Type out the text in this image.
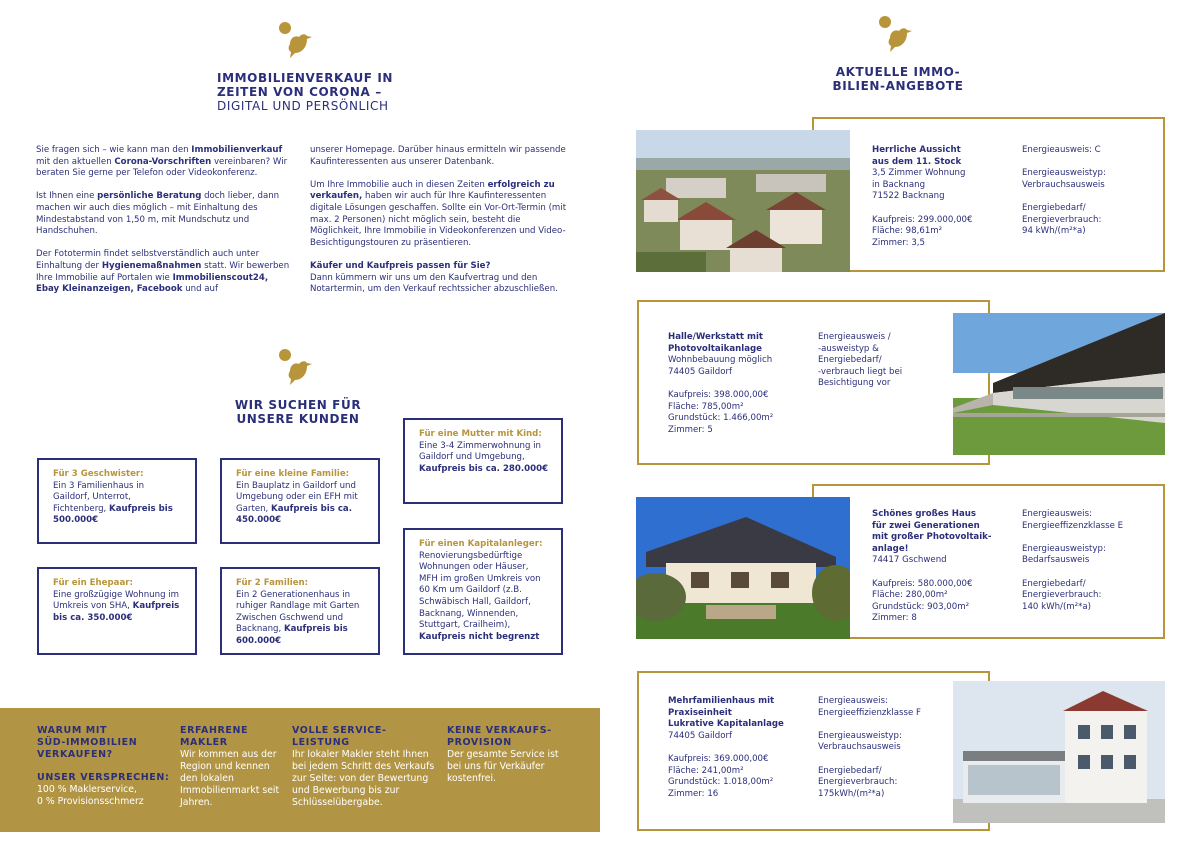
IMMOBILIENVERKAUF IN
ZEITEN VON CORONA –
DIGITAL UND PERSÖNLICH

Sie fragen sich – wie kann man den Immobilienverkauf mit den aktuellen Corona-Vorschriften vereinbaren? Wir beraten Sie gerne per Telefon oder Videokonferenz.

Ist Ihnen eine persönliche Beratung doch lieber, dann machen wir auch dies möglich – mit Einhaltung des Mindestabstand von 1,50 m, mit Mundschutz und Handschuhen.

Der Fototermin findet selbstverständlich auch unter Einhaltung der Hygienemaßnahmen statt. Wir bewerben Ihre Immobilie auf Portalen wie Immobilienscout24, Ebay Kleinanzeigen, Facebook und auf

unserer Homepage. Darüber hinaus ermitteln wir passende Kaufinteressenten aus unserer Datenbank.

Um Ihre Immobilie auch in diesen Zeiten erfolgreich zu verkaufen, haben wir auch für Ihre Kaufinteressenten digitale Lösungen geschaffen. Sollte ein Vor-Ort-Termin (mit max. 2 Personen) nicht möglich sein, besteht die Möglichkeit, Ihre Immobilie in Videokonferenzen und Video-Besichtigungstouren zu präsentieren.

Käufer und Kaufpreis passen für Sie?
Dann kümmern wir uns um den Kaufvertrag und den Notartermin, um den Verkauf rechtssicher abzuschließen.

WIR SUCHEN FÜR
UNSERE KUNDEN
Für 3 Geschwister:
Ein 3 Familienhaus in Gaildorf, Unterrot, Fichtenberg, Kaufpreis bis 500.000€
Für eine kleine Familie:
Ein Bauplatz in Gaildorf und Umgebung oder ein EFH mit Garten, Kaufpreis bis ca. 450.000€
Für eine Mutter mit Kind:
Eine 3-4 Zimmerwohnung in Gaildorf und Umgebung, Kaufpreis bis ca. 280.000€
Für ein Ehepaar:
Eine großzügige Wohnung im Umkreis von SHA, Kaufpreis bis ca. 350.000€
Für 2 Familien:
Ein 2 Generationenhaus in ruhiger Randlage mit Garten Zwischen Gschwend und Backnang, Kaufpreis bis 600.000€
Für einen Kapitalanleger:
Renovierungsbedürftige Wohnungen oder Häuser, MFH im großen Umkreis von 60 Km um Gaildorf (z.B. Schwäbisch Hall, Gaildorf, Backnang, Winnenden, Stuttgart, Crailheim), Kaufpreis nicht begrenzt
WARUM MIT
SÜD-IMMOBILIEN
VERKAUFEN?
UNSER VERSPRECHEN:
100 % Maklerservice,
0 % Provisionsschmerz
ERFAHRENE
MAKLER
Wir kommen aus der Region und kennen den lokalen Immobilienmarkt seit Jahren.
VOLLE SERVICE-
LEISTUNG
Ihr lokaler Makler steht Ihnen bei jedem Schritt des Verkaufs zur Seite: von der Bewertung und Bewerbung bis zur Schlüsselübergabe.
KEINE VERKAUFS-
PROVISION
Der gesamte Service ist bei uns für Verkäufer kostenfrei.
AKTUELLE IMMO-
BILIEN-ANGEBOTE
Herrliche Aussicht
aus dem 11. Stock
3,5 Zimmer Wohnung
in Backnang
71522 Backnang
Kaufpreis: 299.000,00€
Fläche: 98,61m²
Zimmer: 3,5
Energieausweis: C
Energieausweistyp:
Verbrauchsausweis
Energiebedarf/
Energieverbrauch:
94 kWh/(m²*a)
Halle/Werkstatt mit
Photovoltaikanlage
Wohnbebauung möglich
74405 Gaildorf
Kaufpreis: 398.000,00€
Fläche: 785,00m²
Grundstück: 1.466,00m²
Zimmer: 5
Energieausweis /
-ausweistyp &
Energiebedarf/
-verbrauch liegt bei
Besichtigung vor
Schönes großes Haus
für zwei Generationen
mit großer Photovoltaik-
anlage!
74417 Gschwend
Kaufpreis: 580.000,00€
Fläche: 280,00m²
Grundstück: 903,00m²
Zimmer: 8
Energieausweis:
Energieeffizenzklasse E
Energieausweistyp:
Bedarfsausweis
Energiebedarf/
Energieverbrauch:
140 kWh/(m²*a)
Mehrfamilienhaus mit
Praxiseinheit
Lukrative Kapitalanlage
74405 Gaildorf
Kaufpreis: 369.000,00€
Fläche: 241,00m²
Grundstück: 1.018,00m²
Zimmer: 16
Energieausweis:
Energieeffizienzklasse F
Energieausweistyp:
Verbrauchsausweis
Energiebedarf/
Energieverbrauch:
175kWh/(m²*a)
